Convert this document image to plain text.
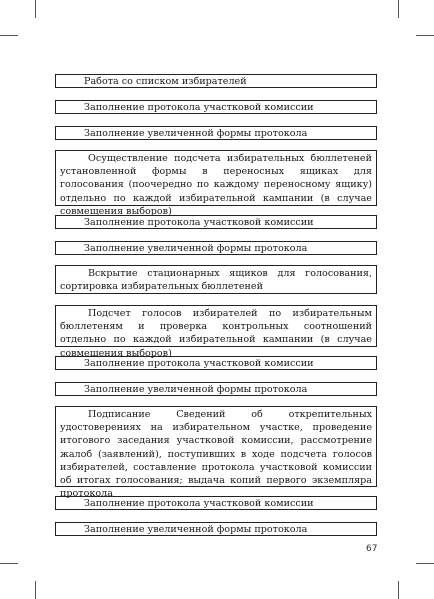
Работа со списком избирателей
Заполнение протокола участковой комиссии
Заполнение увеличенной формы протокола
Осуществление подсчета избирательных бюллетеней установленной формы в переносных ящиках для голосования (поочередно по каждому переносному ящику) отдельно по каждой избирательной кампании (в случае совмещения выборов)
Заполнение протокола участковой комиссии
Заполнение увеличенной формы протокола
Вскрытие стационарных ящиков для голосования, сортировка избирательных бюллетеней
Подсчет голосов избирателей по избирательным бюллетеням и проверка контрольных соотношений отдельно по каждой избирательной кампании (в случае совмещения выборов)
Заполнение протокола участковой комиссии
Заполнение увеличенной формы протокола
Подписание Сведений об открепительных удостоверениях на избирательном участке, проведение итогового заседания участковой комиссии, рассмотрение жалоб (заявлений), поступивших в ходе подсчета голосов избирателей, составление протокола участковой комиссии об итогах голосования; выдача копий первого экземпляра протокола
Заполнение протокола участковой комиссии
Заполнение увеличенной формы протокола
67
